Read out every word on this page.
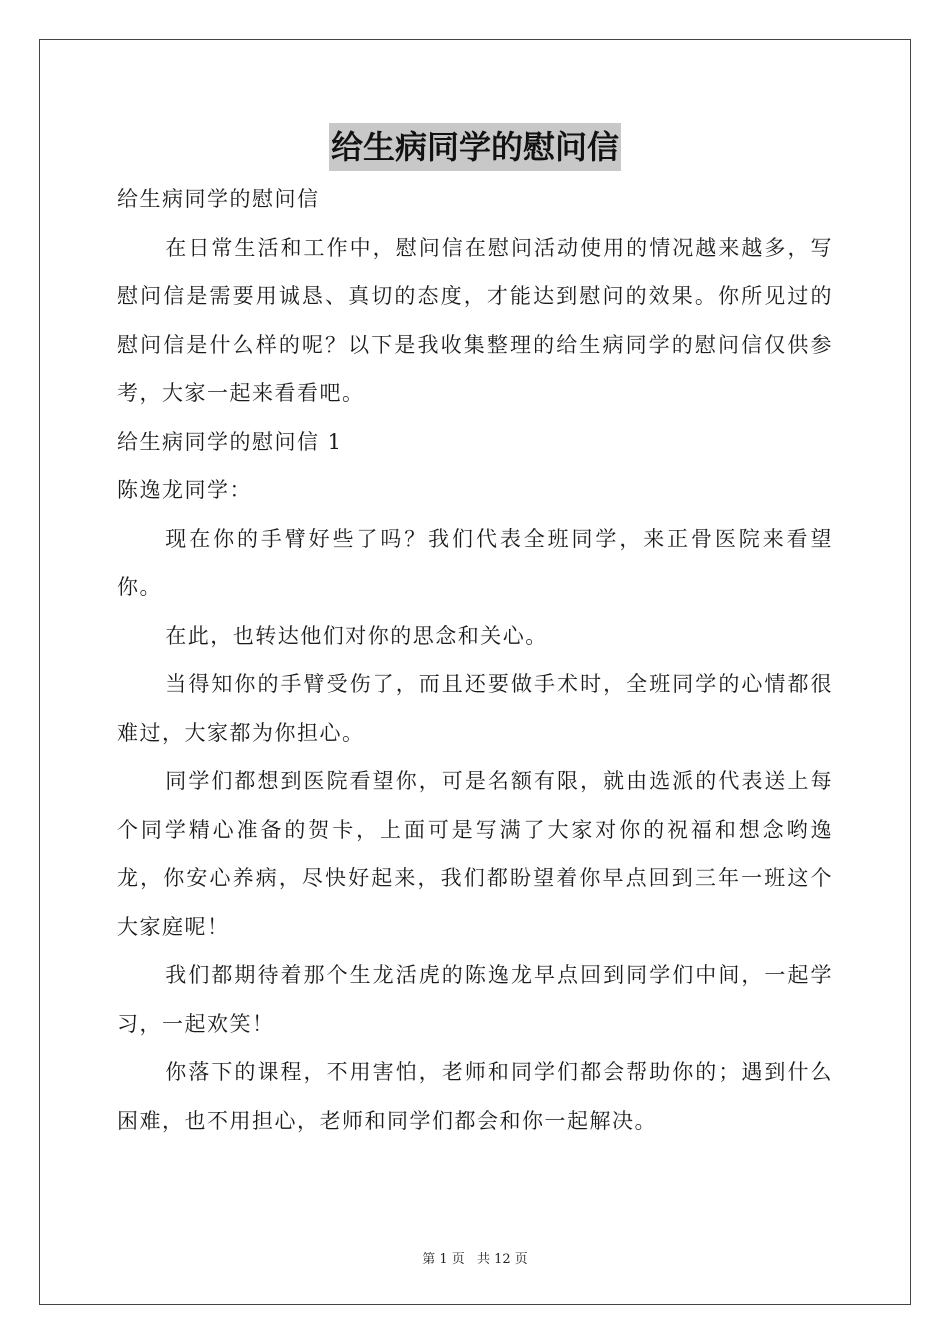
给生病同学的慰问信
给生病同学的慰问信
在日常生活和工作中，慰问信在慰问活动使用的情况越来越多，写慰问信是需要用诚恳、真切的态度，才能达到慰问的效果。你所见过的慰问信是什么样的呢？以下是我收集整理的给生病同学的慰问信仅供参考，大家一起来看看吧。
给生病同学的慰问信 1
陈逸龙同学：
现在你的手臂好些了吗？我们代表全班同学，来正骨医院来看望你。
在此，也转达他们对你的思念和关心。
当得知你的手臂受伤了，而且还要做手术时，全班同学的心情都很难过，大家都为你担心。
同学们都想到医院看望你，可是名额有限，就由选派的代表送上每个同学精心准备的贺卡，上面可是写满了大家对你的祝福和想念哟逸龙，你安心养病，尽快好起来，我们都盼望着你早点回到三年一班这个大家庭呢！
我们都期待着那个生龙活虎的陈逸龙早点回到同学们中间，一起学习，一起欢笑！
你落下的课程，不用害怕，老师和同学们都会帮助你的；遇到什么困难，也不用担心，老师和同学们都会和你一起解决。
第 1 页 共 12 页
